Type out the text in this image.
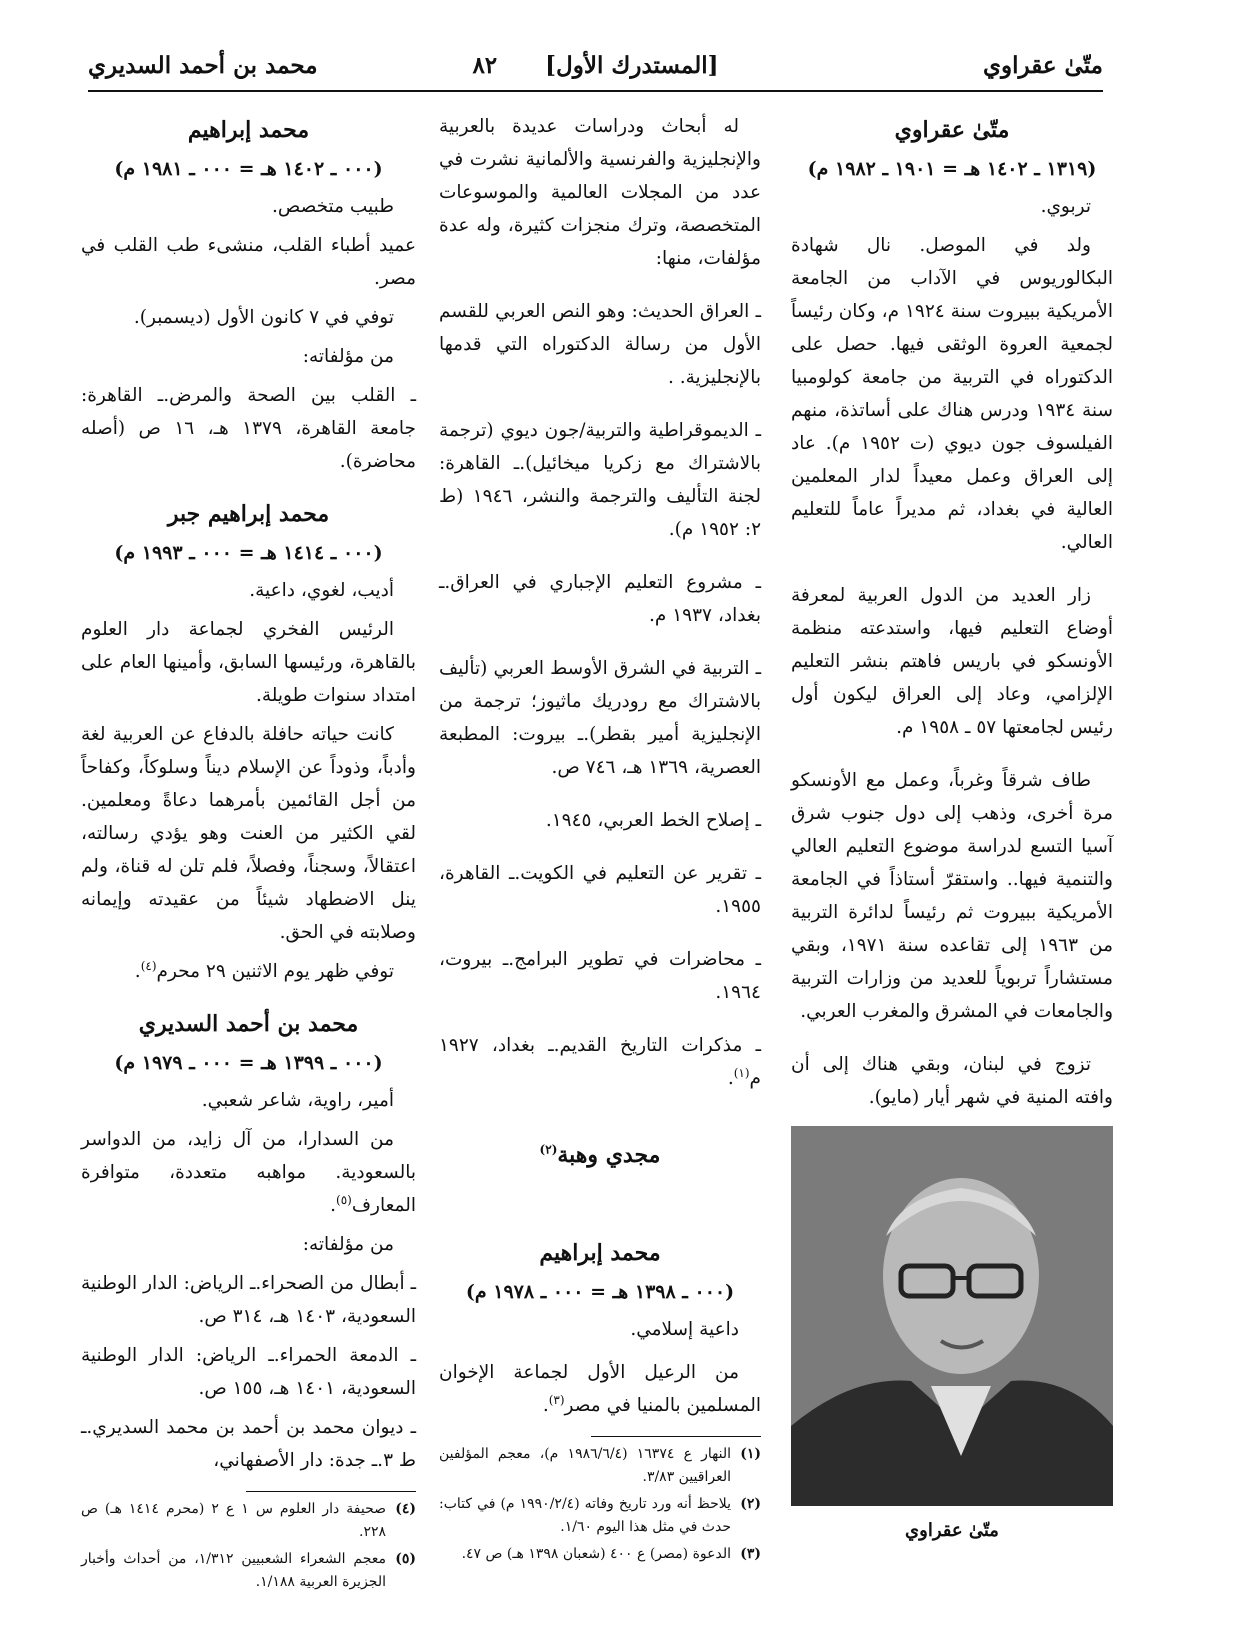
متّىٰ عقراوي
[المستدرك الأول] ٨٢
محمد بن أحمد السديري
متّىٰ عقراوي
(١٣١٩ ـ ١٤٠٢ هـ = ١٩٠١ ـ ١٩٨٢ م)
تربوي.
ولد في الموصل. نال شهادة البكالوريوس في الآداب من الجامعة الأمريكية ببيروت سنة ١٩٢٤ م، وكان رئيساً لجمعية العروة الوثقى فيها. حصل على الدكتوراه في التربية من جامعة كولومبيا سنة ١٩٣٤ ودرس هناك على أساتذة، منهم الفيلسوف جون ديوي (ت ١٩٥٢ م). عاد إلى العراق وعمل معيداً لدار المعلمين العالية في بغداد، ثم مديراً عاماً للتعليم العالي.
زار العديد من الدول العربية لمعرفة أوضاع التعليم فيها، واستدعته منظمة الأونسكو في باريس فاهتم بنشر التعليم الإلزامي، وعاد إلى العراق ليكون أول رئيس لجامعتها ٥٧ ـ ١٩٥٨ م.
طاف شرقاً وغرباً، وعمل مع الأونسكو مرة أخرى، وذهب إلى دول جنوب شرق آسيا التسع لدراسة موضوع التعليم العالي والتنمية فيها.. واستقرّ أستاذاً في الجامعة الأمريكية ببيروت ثم رئيساً لدائرة التربية من ١٩٦٣ إلى تقاعده سنة ١٩٧١، وبقي مستشاراً تربوياً للعديد من وزارات التربية والجامعات في المشرق والمغرب العربي.
تزوج في لبنان، وبقي هناك إلى أن وافته المنية في شهر أيار (مايو).
متّىٰ عقراوي
له أبحاث ودراسات عديدة بالعربية والإنجليزية والفرنسية والألمانية نشرت في عدد من المجلات العالمية والموسوعات المتخصصة، وترك منجزات كثيرة، وله عدة مؤلفات، منها:
ـ العراق الحديث: وهو النص العربي للقسم الأول من رسالة الدكتوراه التي قدمها بالإنجليزية. .
ـ الديموقراطية والتربية/جون ديوي (ترجمة بالاشتراك مع زكريا ميخائيل).ـ القاهرة: لجنة التأليف والترجمة والنشر، ١٩٤٦ (ط ٢: ١٩٥٢ م).
ـ مشروع التعليم الإجباري في العراق.ـ بغداد، ١٩٣٧ م.
ـ التربية في الشرق الأوسط العربي (تأليف بالاشتراك مع رودريك ماثيوز؛ ترجمة من الإنجليزية أمير بقطر).ـ بيروت: المطبعة العصرية، ١٣٦٩ هـ، ٧٤٦ ص.
ـ إصلاح الخط العربي، ١٩٤٥.
ـ تقرير عن التعليم في الكويت.ـ القاهرة، ١٩٥٥.
ـ محاضرات في تطوير البرامج.ـ بيروت، ١٩٦٤.
ـ مذكرات التاريخ القديم.ـ بغداد، ١٩٢٧ م$^{(١)}$.
مجدي وهبة$^{(٢)}$
محمد إبراهيم
(٠٠٠ ـ ١٣٩٨ هـ = ٠٠٠ ـ ١٩٧٨ م)
داعية إسلامي.
من الرعيل الأول لجماعة الإخوان المسلمين بالمنيا في مصر$^{(٣)}$.
(١)
النهار ع ١٦٣٧٤ (١٩٨٦/٦/٤ م)، معجم المؤلفين العراقيين ٣/٨٣.
(٢)
يلاحظ أنه ورد تاريخ وفاته (١٩٩٠/٢/٤ م) في كتاب: حدث في مثل هذا اليوم ١/٦٠.
(٣)
الدعوة (مصر) ع ٤٠٠ (شعبان ١٣٩٨ هـ) ص ٤٧.
محمد إبراهيم
(٠٠٠ ـ ١٤٠٢ هـ = ٠٠٠ ـ ١٩٨١ م)
طبيب متخصص.
عميد أطباء القلب، منشىء طب القلب في مصر.
توفي في ٧ كانون الأول (ديسمبر).
من مؤلفاته:
ـ القلب بين الصحة والمرض.ـ القاهرة: جامعة القاهرة، ١٣٧٩ هـ، ١٦ ص (أصله محاضرة).
محمد إبراهيم جبر
(٠٠٠ ـ ١٤١٤ هـ = ٠٠٠ ـ ١٩٩٣ م)
أديب، لغوي، داعية.
الرئيس الفخري لجماعة دار العلوم بالقاهرة، ورئيسها السابق، وأمينها العام على امتداد سنوات طويلة.
كانت حياته حافلة بالدفاع عن العربية لغة وأدباً، وذوداً عن الإسلام ديناً وسلوكاً، وكفاحاً من أجل القائمين بأمرهما دعاةً ومعلمين. لقي الكثير من العنت وهو يؤدي رسالته، اعتقالاً، وسجناً، وفصلاً، فلم تلن له قناة، ولم ينل الاضطهاد شيئاً من عقيدته وإيمانه وصلابته في الحق.
توفي ظهر يوم الاثنين ٢٩ محرم$^{(٤)}$.
محمد بن أحمد السديري
(٠٠٠ ـ ١٣٩٩ هـ = ٠٠٠ ـ ١٩٧٩ م)
أمير، راوية، شاعر شعبي.
من السدارا، من آل زايد، من الدواسر بالسعودية. مواهبه متعددة، متوافرة المعارف$^{(٥)}$.
من مؤلفاته:
ـ أبطال من الصحراء.ـ الرياض: الدار الوطنية السعودية، ١٤٠٣ هـ، ٣١٤ ص.
ـ الدمعة الحمراء.ـ الرياض: الدار الوطنية السعودية، ١٤٠١ هـ، ١٥٥ ص.
ـ ديوان محمد بن أحمد بن محمد السديري.ـ ط ٣.ـ جدة: دار الأصفهاني،
(٤)
صحيفة دار العلوم س ١ ع ٢ (محرم ١٤١٤ هـ) ص ٢٢٨.
(٥)
معجم الشعراء الشعبيين ١/٣١٢، من أحداث وأخبار الجزيرة العربية ١/١٨٨.
